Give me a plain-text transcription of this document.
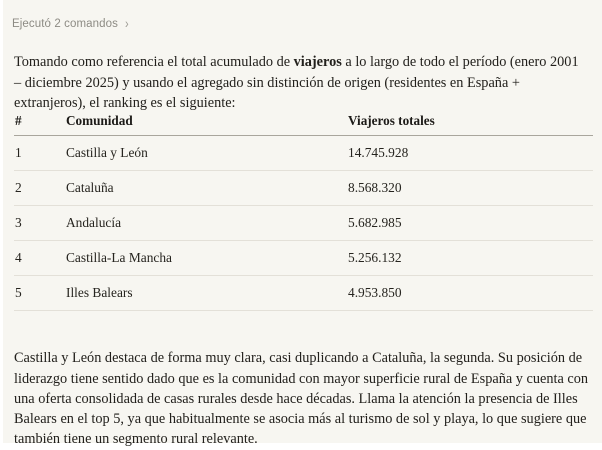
Ejecutó 2 comandos ›

Tomando como referencia el total acumulado de viajeros a lo largo de todo el período (enero 2001 – diciembre 2025) y usando el agregado sin distinción de origen (residentes en España + extranjeros), el ranking es el siguiente:

#	Comunidad	Viajeros totales
1	Castilla y León	14.745.928
2	Cataluña	8.568.320
3	Andalucía	5.682.985
4	Castilla-La Mancha	5.256.132
5	Illes Balears	4.953.850

Castilla y León destaca de forma muy clara, casi duplicando a Cataluña, la segunda. Su posición de liderazgo tiene sentido dado que es la comunidad con mayor superficie rural de España y cuenta con una oferta consolidada de casas rurales desde hace décadas. Llama la atención la presencia de Illes Balears en el top 5, ya que habitualmente se asocia más al turismo de sol y playa, lo que sugiere que también tiene un segmento rural relevante.
